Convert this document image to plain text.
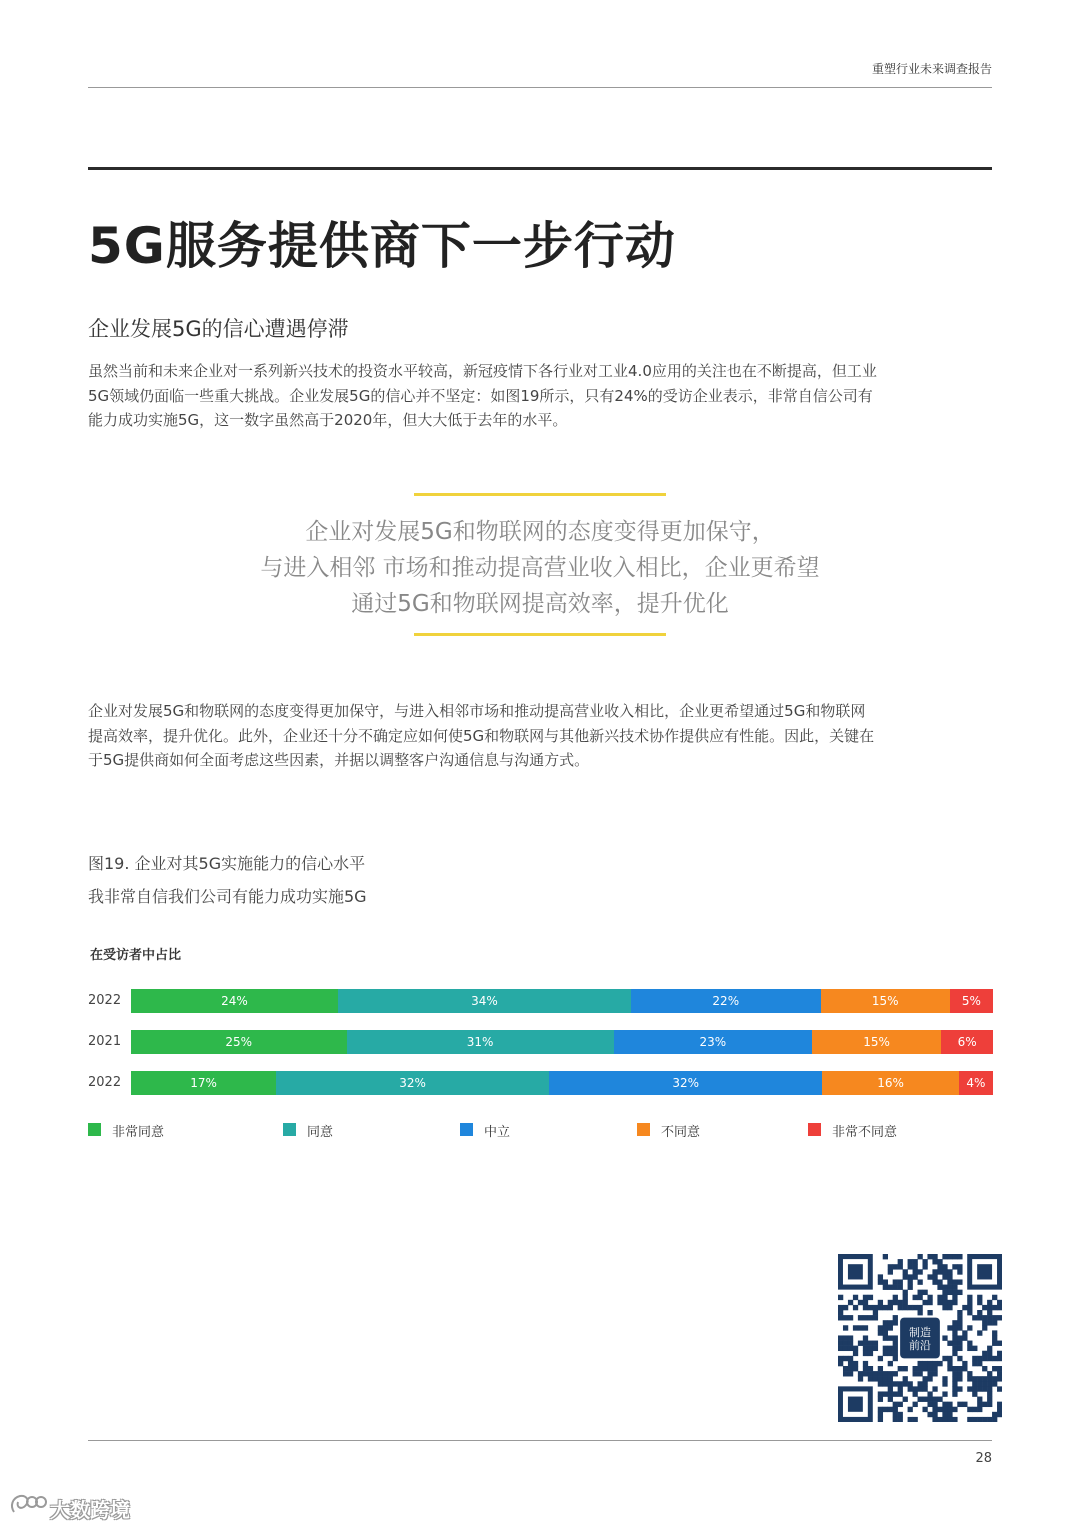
重塑行业未来调查报告
5G服务提供商下一步行动
企业发展5G的信心遭遇停滞
虽然当前和未来企业对一系列新兴技术的投资水平较高，新冠疫情下各行业对工业4.0应用的关注也在不断提高，但工业
5G领域仍面临一些重大挑战。企业发展5G的信心并不坚定：如图19所示，只有24%的受访企业表示，非常自信公司有
能力成功实施5G，这一数字虽然高于2020年，但大大低于去年的水平。
企业对发展5G和物联网的态度变得更加保守，
与进入相邻 市场和推动提高营业收入相比，企业更希望
通过5G和物联网提高效率，提升优化
企业对发展5G和物联网的态度变得更加保守，与进入相邻市场和推动提高营业收入相比，企业更希望通过5G和物联网
提高效率，提升优化。此外，企业还十分不确定应如何使5G和物联网与其他新兴技术协作提供应有性能。因此，关键在
于5G提供商如何全面考虑这些因素，并据以调整客户沟通信息与沟通方式。
图19. 企业对其5G实施能力的信心水平
我非常自信我们公司有能力成功实施5G
在受访者中占比
2022	24%	34%	22%	15%	5%
2021	25%	31%	23%	15%	6%
2022	17%	32%	32%	16%	4%
非常同意	同意	中立	不同意	非常不同意
制造
前沿
28
大数跨境
